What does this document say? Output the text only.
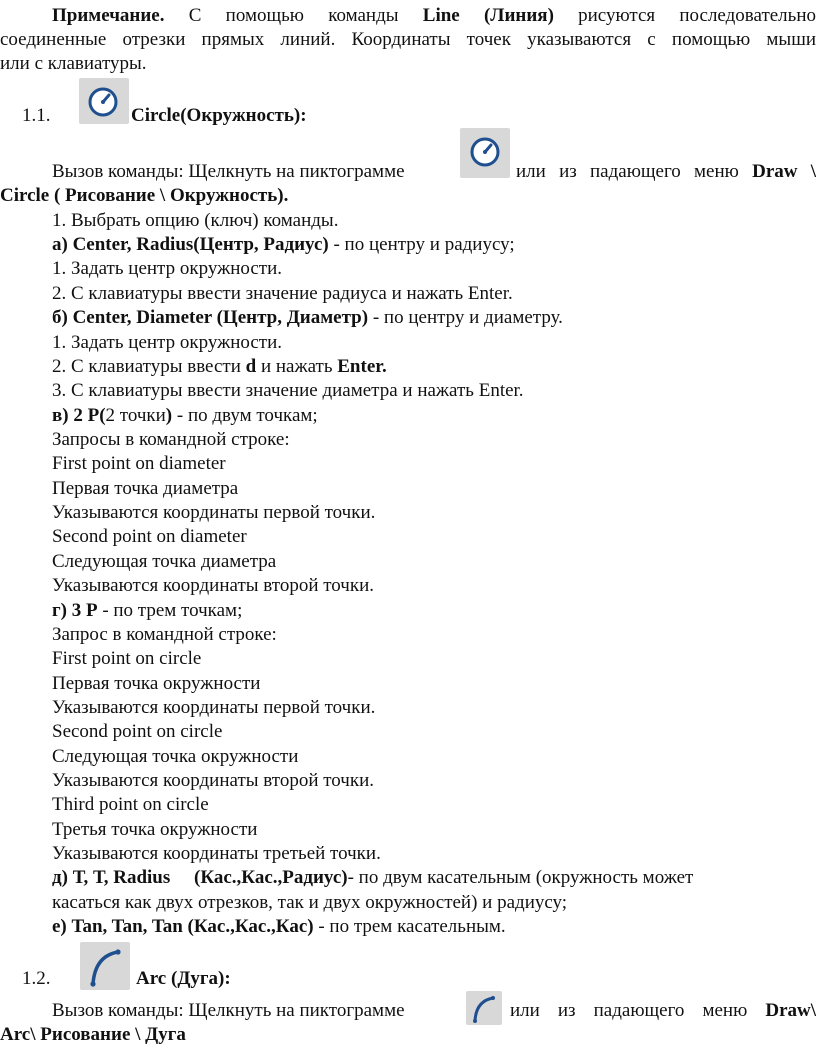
Примечание. С помощью команды Line (Линия) рисуются последовательно
соединенные отрезки прямых линий. Координаты точек указываются с помощью мыши
или с клавиатуры.
1.1.	Circle(Окружность):
Вызов команды: Щелкнуть на пиктограмме	или из падающего меню Draw \
Circle ( Рисование \ Окружность).
1. Выбрать опцию (ключ) команды.
а) Center, Radius(Центр, Радиус) - по центру и радиусу;
1. Задать центр окружности.
2. С клавиатуры ввести значение радиуса и нажать Enter.
б) Center, Diameter (Центр, Диаметр) - по центру и диаметру.
1. Задать центр окружности.
2. С клавиатуры ввести d и нажать Enter.
3. С клавиатуры ввести значение диаметра и нажать Enter.
в) 2 Р(2 точки) - по двум точкам;
Запросы в командной строке:
First point on diameter
Первая точка диаметра
Указываются координаты первой точки.
Second point on diameter
Следующая точка диаметра
Указываются координаты второй точки.
г) 3 Р - по трем точкам;
Запрос в командной строке:
First point on circle
Первая точка окружности
Указываются координаты первой точки.
Second point on circle
Следующая точка окружности
Указываются координаты второй точки.
Third point on circle
Третья точка окружности
Указываются координаты третьей точки.
д) Т, Т, Radius     (Кас.,Кас.,Радиус)- по двум касательным (окружность может
касаться как двух отрезков, так и двух окружностей) и радиусу;
е) Tan, Tan, Tan (Кас.,Кас.,Кас) - по трем касательным.
1.2.	Arc (Дуга):
Вызов команды: Щелкнуть на пиктограмме	или из падающего меню Draw\
Arc\ Рисование \ Дуга
